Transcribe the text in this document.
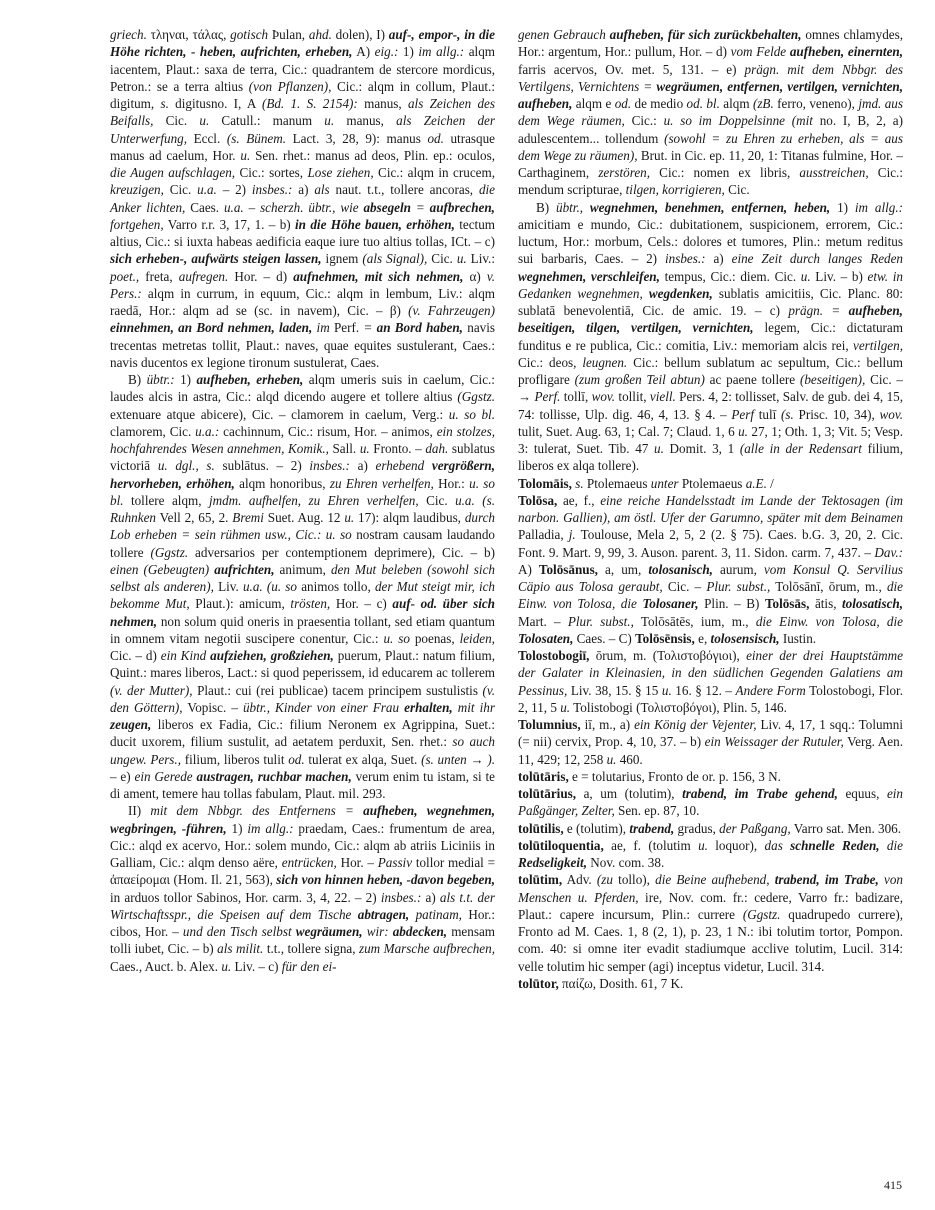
griech. τληναι, τάλας, gotisch Þulan, ahd. dolen), I) auf-, empor-, in die Höhe richten, - heben, aufrichten, erheben, A) eig.: 1) im allg.: alqm iacentem, Plaut.: saxa de terra, Cic.: quadrantem de stercore mordicus, Petron.: se a terra altius (von Pflanzen), Cic.: alqm in collum, Plaut.: digitum, s. digitusno. I, A (Bd. 1. S. 2154): manus, als Zeichen des Beifalls, Cic. u. Catull.: manum u. manus, als Zeichen der Unterwerfung, Eccl. (s. Bünem. Lact. 3, 28, 9): manus od. utrasque manus ad caelum, Hor. u. Sen. rhet.: manus ad deos, Plin. ep.: oculos, die Augen aufschlagen, Cic.: sortes, Lose ziehen, Cic.: alqm in crucem, kreuzigen, Cic. u.a. – 2) insbes.: a) als naut. t.t., tollere ancoras, die Anker lichten, Caes. u.a. – scherzh. übtr., wie absegeln = aufbrechen, fortgehen, Varro r.r. 3, 17, 1. – b) in die Höhe bauen, erhöhen, tectum altius, Cic.: si iuxta habeas aedificia eaque iure tuo altius tollas, ICt. – c) sich erheben-, aufwärts steigen lassen, ignem (als Signal), Cic. u. Liv.: poet., freta, aufregen. Hor. – d) aufnehmen, mit sich nehmen, α) v. Pers.: alqm in currum, in equum, Cic.: alqm in lembum, Liv.: alqm raedā, Hor.: alqm ad se (sc. in navem), Cic. – β) (v. Fahrzeugen) einnehmen, an Bord nehmen, laden, im Perf. = an Bord haben, navis trecentas metretas tollit, Plaut.: naves, quae equites sustulerant, Caes.: navis ducentos ex legione tironum sustulerat, Caes.

B) übtr.: 1) aufheben, erheben, alqm umeris suis in caelum, Cic.: laudes alcis in astra, Cic.: alqd dicendo augere et tollere altius (Ggstz. extenuare atque abicere), Cic. – clamorem in caelum, Verg.: u. so bl. clamorem, Cic. u.a.: cachinnum, Cic.: risum, Hor. – animos, ein stolzes, hochfahrendes Wesen annehmen, Komik., Sall. u. Fronto. – dah. sublatus victoriā u. dgl., s. sublātus. – 2) insbes.: a) erhebend vergrößern, hervorheben, erhöhen, alqm honoribus, zu Ehren verhelfen, Hor.: u. so bl. tollere alqm, jmdm. aufhelfen, zu Ehren verhelfen, Cic. u.a. (s. Ruhnken Vell 2, 65, 2. Bremi Suet. Aug. 12 u. 17): alqm laudibus, durch Lob erheben = sein rühmen usw., Cic.: u. so nostram causam laudando tollere (Ggstz. adversarios per contemptionem deprimere), Cic. – b) einen (Gebeugten) aufrichten, animum, den Mut beleben (sowohl sich selbst als anderen), Liv. u.a. (u. so animos tollo, der Mut steigt mir, ich bekomme Mut, Plaut.): amicum, trösten, Hor. – c) auf- od. über sich nehmen, non solum quid oneris in praesentia tollant, sed etiam quantum in omnem vitam negotii suscipere conentur, Cic.: u. so poenas, leiden, Cic. – d) ein Kind aufziehen, großziehen, puerum, Plaut.: natum filium, Quint.: mares liberos, Lact.: si quod peperissem, id educarem ac tollerem (v. der Mutter), Plaut.: cui (rei publicae) tacem principem sustulistis (v. den Göttern), Vopisc. – übtr., Kinder von einer Frau erhalten, mit ihr zeugen, liberos ex Fadia, Cic.: filium Neronem ex Agrippina, Suet.: ducit uxorem, filium sustulit, ad aetatem perduxit, Sen. rhet.: so auch ungew. Pers., filium, liberos tulit od. tulerat ex alqa, Suet. (s. unten → ). – e) ein Gerede austragen, ruchbar machen, verum enim tu istam, si te di ament, temere hau tollas fabulam, Plaut. mil. 293.

II) mit dem Nbbgr. des Entfernens = aufheben, wegnehmen, wegbringen, -führen, 1) im allg.: praedam, Caes.: frumentum de area, Cic.: alqd ex acervo, Hor.: solem mundo, Cic.: alqm ab atriis Liciniis in Galliam, Cic.: alqm denso aëre, entrücken, Hor. – Passiv tollor medial = ἀπαείρομαι (Hom. Il. 21, 563), sich von hinnen heben, -davon begeben, in arduos tollor Sabinos, Hor. carm. 3, 4, 22. – 2) insbes.: a) als t.t. der Wirtschaftsspr., die Speisen auf dem Tische abtragen, patinam, Hor.: cibos, Hor. – und den Tisch selbst wegräumen, wir: abdecken, mensam tolli iubet, Cic. – b) als milit. t.t., tollere signa, zum Marsche aufbrechen, Caes., Auct. b. Alex. u. Liv. – c) für den ei-

genen Gebrauch aufheben, für sich zurückbehalten, omnes chlamydes, Hor.: argentum, Hor.: pullum, Hor. – d) vom Felde aufheben, einernten, farris acervos, Ov. met. 5, 131. – e) prägn. mit dem Nbbgr. des Vertilgens, Vernichtens = wegräumen, entfernen, vertilgen, vernichten, aufheben, alqm e od. de medio od. bl. alqm (zB. ferro, veneno), jmd. aus dem Wege räumen, Cic.: u. so im Doppelsinne (mit no. I, B, 2, a) adulescentem... tollendum (sowohl = zu Ehren zu erheben, als = aus dem Wege zu räumen), Brut. in Cic. ep. 11, 20, 1: Titanas fulmine, Hor. – Carthaginem, zerstören, Cic.: nomen ex libris, ausstreichen, Cic.: mendum scripturae, tilgen, korrigieren, Cic.

B) übtr., wegnehmen, benehmen, entfernen, heben, 1) im allg.: amicitiam e mundo, Cic.: dubitationem, suspicionem, errorem, Cic.: luctum, Hor.: morbum, Cels.: dolores et tumores, Plin.: metum reditus sui barbaris, Caes. – 2) insbes.: a) eine Zeit durch langes Reden wegnehmen, verschleifen, tempus, Cic.: diem. Cic. u. Liv. – b) etw. in Gedanken wegnehmen, wegdenken, sublatis amicitiis, Cic. Planc. 80: sublatā benevolentiā, Cic. de amic. 19. – c) prägn. = aufheben, beseitigen, tilgen, vertilgen, vernichten, legem, Cic.: dictaturam funditus e re publica, Cic.: comitia, Liv.: memoriam alcis rei, vertilgen, Cic.: deos, leugnen. Cic.: bellum sublatum ac sepultum, Cic.: bellum profligare (zum großen Teil abtun) ac paene tollere (beseitigen), Cic. – → Perf. tollī, wov. tollit, viell. Pers. 4, 2: tollisset, Salv. de gub. dei 4, 15, 74: tollisse, Ulp. dig. 46, 4, 13. § 4. – Perf tulī (s. Prisc. 10, 34), wov. tulit, Suet. Aug. 63, 1; Cal. 7; Claud. 1, 6 u. 27, 1; Oth. 1, 3; Vit. 5; Vesp. 3: tulerat, Suet. Tib. 47 u. Domit. 3, 1 (alle in der Redensart filium, liberos ex alqa tollere).

Tolomāis, s. Ptolemaeus unter Ptolemaeus a.E. /

Tolōsa, ae, f., eine reiche Handelsstadt im Lande der Tektosagen (im narbon. Gallien), am östl. Ufer der Garumno, später mit dem Beinamen Palladia, j. Toulouse, Mela 2, 5, 2 (2. § 75). Caes. b.G. 3, 20, 2. Cic. Font. 9. Mart. 9, 99, 3. Auson. parent. 3, 11. Sidon. carm. 7, 437. – Dav.: A) Tolōsānus, a, um, tolosanisch, aurum, vom Konsul Q. Servilius Cäpio aus Tolosa geraubt, Cic. – Plur. subst., Tolōsānī, ōrum, m., die Einw. von Tolosa, die Tolosaner, Plin. – B) Tolōsās, ātis, tolosatisch, Mart. – Plur. subst., Tolōsātēs, ium, m., die Einw. von Tolosa, die Tolosaten, Caes. – C) Tolōsēnsis, e, tolosensisch, Iustin.

Tolostobogiī, ōrum, m. (Τολιστοβόγιοι), einer der drei Hauptstämme der Galater in Kleinasien, in den südlichen Gegenden Galatiens am Pessinus, Liv. 38, 15. § 15 u. 16. § 12. – Andere Form Tolostobogi, Flor. 2, 11, 5 u. Tolistobogi (Τολιστοβόγοι), Plin. 5, 146.

Tolumnius, iī, m., a) ein König der Vejenter, Liv. 4, 17, 1 sqq.: Tolumni (= nii) cervix, Prop. 4, 10, 37. – b) ein Weissager der Rutuler, Verg. Aen. 11, 429; 12, 258 u. 460.

tolūtāris, e = tolutarius, Fronto de or. p. 156, 3 N.

tolūtārius, a, um (tolutim), trabend, im Trabe gehend, equus, ein Paßgänger, Zelter, Sen. ep. 87, 10.

tolūtilis, e (tolutim), trabend, gradus, der Paßgang, Varro sat. Men. 306.

tolūtiloquentia, ae, f. (tolutim u. loquor), das schnelle Reden, die Redseligkeit, Nov. com. 38.

tolūtim, Adv. (zu tollo), die Beine aufhebend, trabend, im Trabe, von Menschen u. Pferden, ire, Nov. com. fr.: cedere, Varro fr.: badizare, Plaut.: capere incursum, Plin.: currere (Ggstz. quadrupedo currere), Fronto ad M. Caes. 1, 8 (2, 1), p. 23, 1 N.: ibi tolutim tortor, Pompon. com. 40: si omne iter evadit stadiumque acclive tolutim, Lucil. 314: velle tolutim hic semper (agi) inceptus videtur, Lucil. 314.

tolūtor, παίζω, Dosith. 61, 7 K.

415
